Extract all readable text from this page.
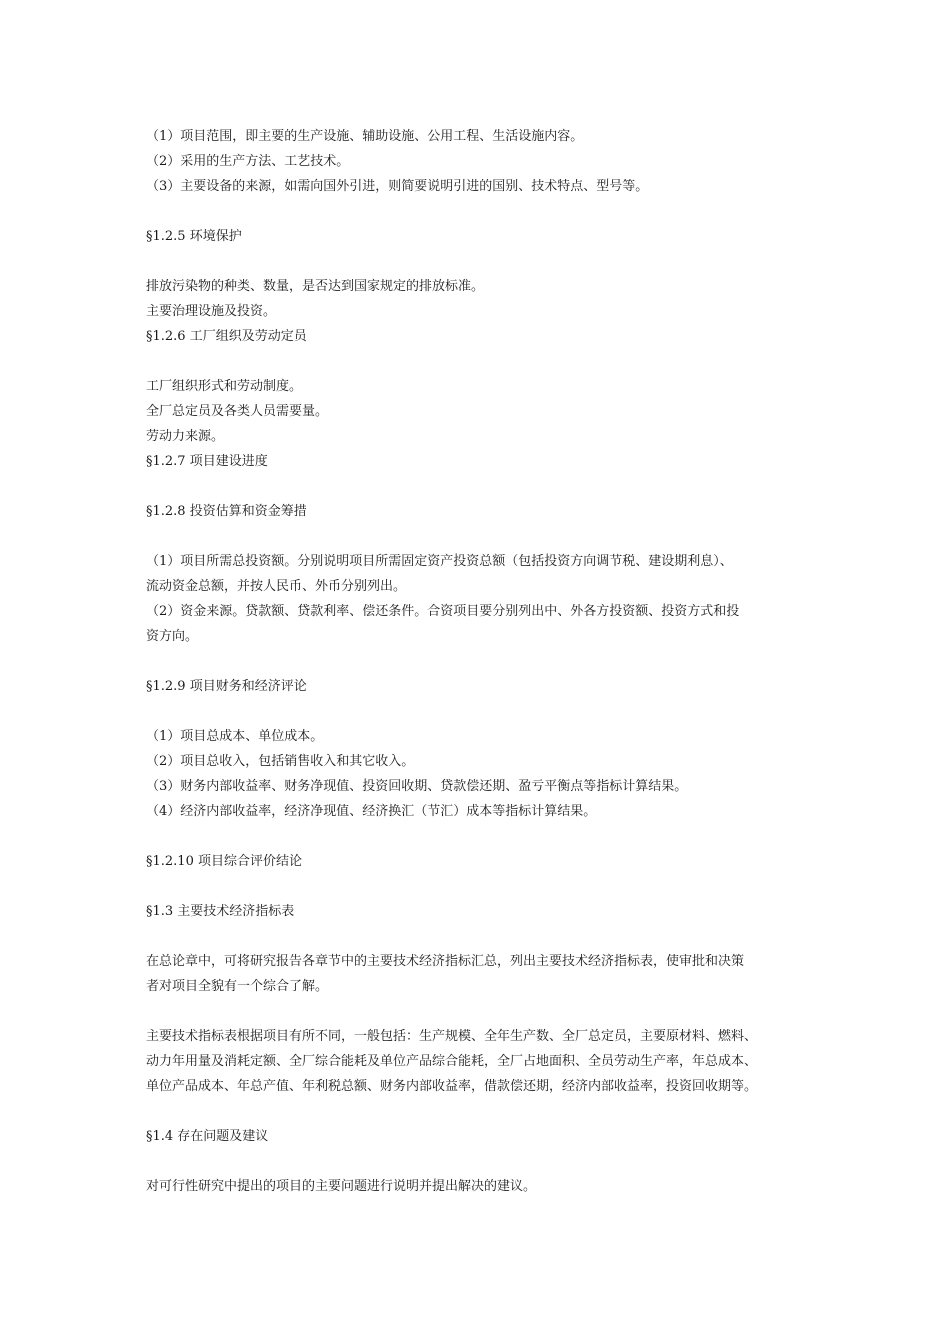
（1）项目范围，即主要的生产设施、辅助设施、公用工程、生活设施内容。

（2）采用的生产方法、工艺技术。

（3）主要设备的来源，如需向国外引进，则简要说明引进的国别、技术特点、型号等。

§1.2.5 环境保护

排放污染物的种类、数量，是否达到国家规定的排放标准。

主要治理设施及投资。

§1.2.6 工厂组织及劳动定员

工厂组织形式和劳动制度。

全厂总定员及各类人员需要量。

劳动力来源。

§1.2.7 项目建设进度

§1.2.8 投资估算和资金筹措

（1）项目所需总投资额。分别说明项目所需固定资产投资总额（包括投资方向调节税、建设期利息）、

流动资金总额，并按人民币、外币分别列出。

（2）资金来源。贷款额、贷款利率、偿还条件。合资项目要分别列出中、外各方投资额、投资方式和投

资方向。

§1.2.9 项目财务和经济评论

（1）项目总成本、单位成本。

（2）项目总收入，包括销售收入和其它收入。

（3）财务内部收益率、财务净现值、投资回收期、贷款偿还期、盈亏平衡点等指标计算结果。

（4）经济内部收益率，经济净现值、经济换汇（节汇）成本等指标计算结果。

§1.2.10 项目综合评价结论

§1.3 主要技术经济指标表

在总论章中，可将研究报告各章节中的主要技术经济指标汇总，列出主要技术经济指标表，使审批和决策

者对项目全貌有一个综合了解。

主要技术指标表根据项目有所不同，一般包括：生产规模、全年生产数、全厂总定员，主要原材料、燃料、

动力年用量及消耗定额、全厂综合能耗及单位产品综合能耗，全厂占地面积、全员劳动生产率，年总成本、

单位产品成本、年总产值、年利税总额、财务内部收益率，借款偿还期，经济内部收益率，投资回收期等。

§1.4 存在问题及建议

对可行性研究中提出的项目的主要问题进行说明并提出解决的建议。
